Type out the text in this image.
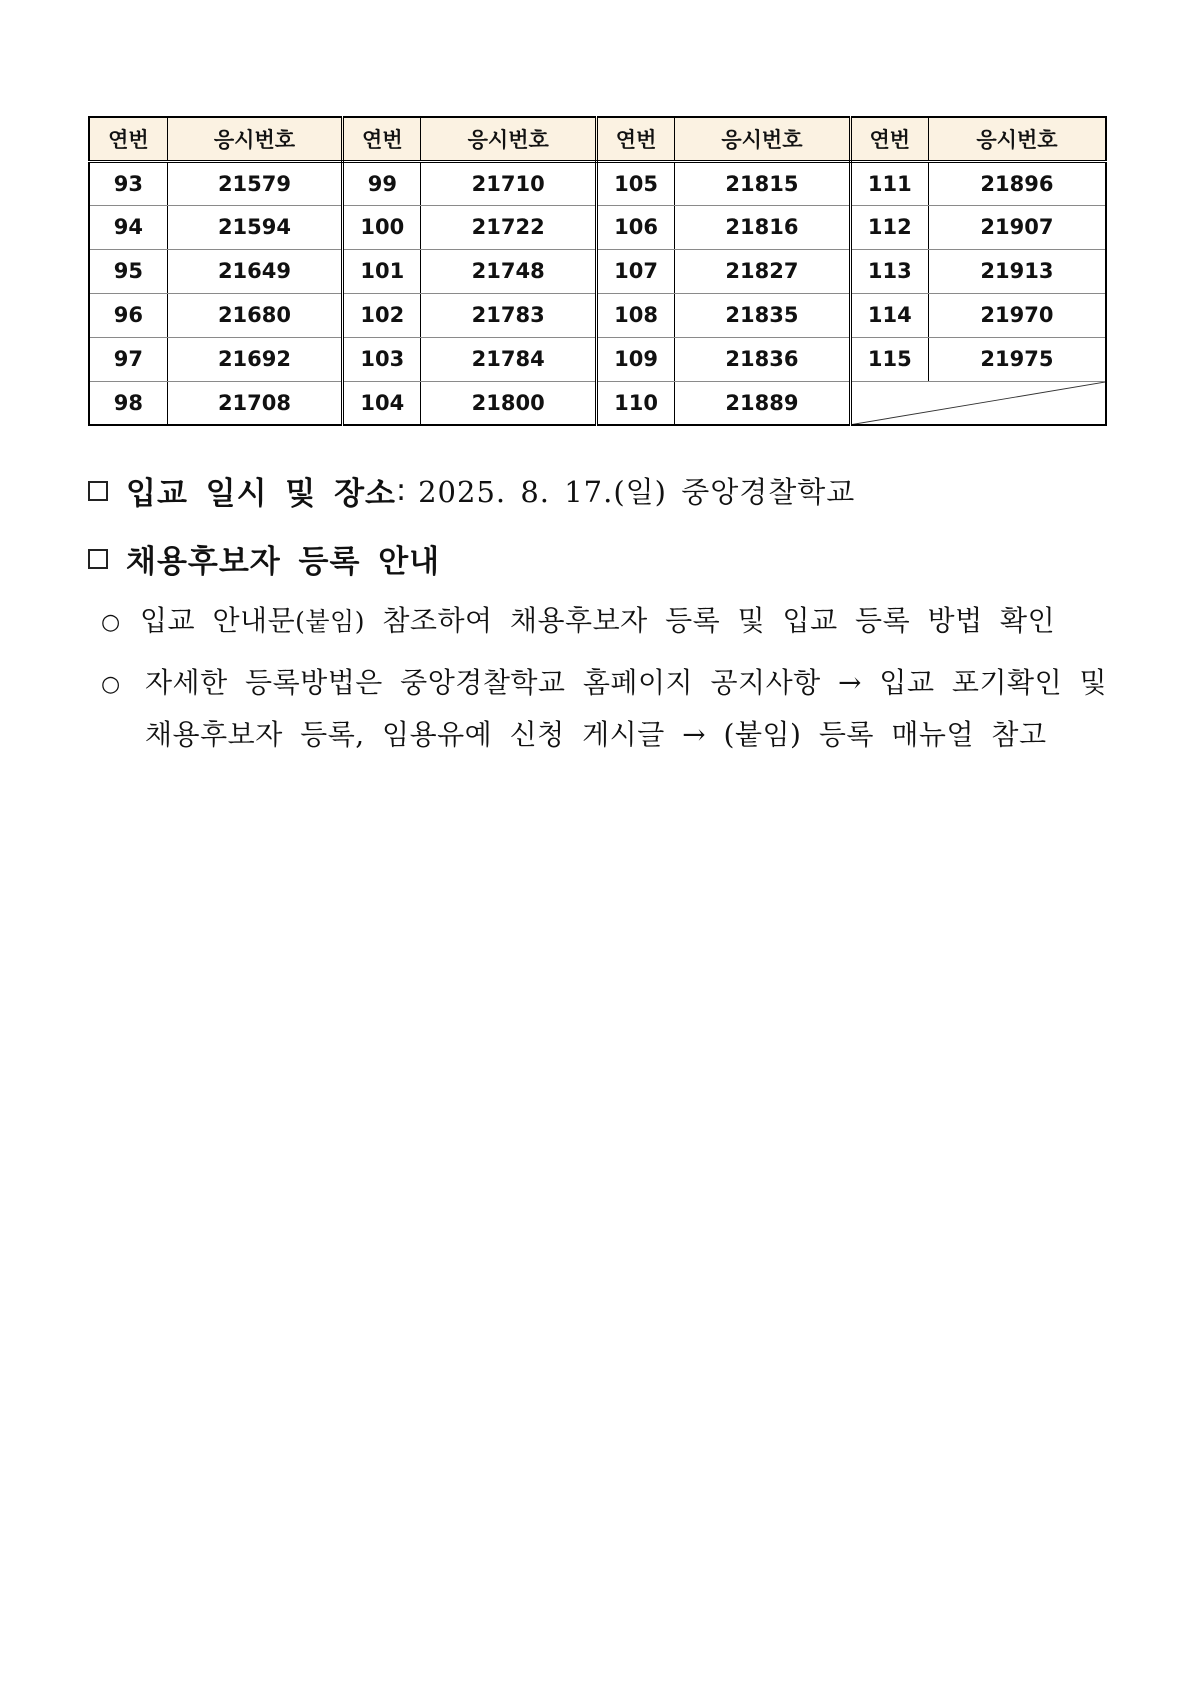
연번	응시번호	연번	응시번호	연번	응시번호	연번	응시번호
93	21579	99	21710	105	21815	111	21896
94	21594	100	21722	106	21816	112	21907
95	21649	101	21748	107	21827	113	21913
96	21680	102	21783	108	21835	114	21970
97	21692	103	21784	109	21836	115	21975
98	21708	104	21800	110	21889	
입교 일시 및 장소 : 2025. 8. 17.(일) 중앙경찰학교
채용후보자 등록 안내
○ 입교 안내문(붙임) 참조하여 채용후보자 등록 및 입교 등록 방법 확인
○ 자세한 등록방법은 중앙경찰학교 홈페이지 공지사항 → 입교 포기확인 및
채용후보자 등록, 임용유예 신청 게시글 → (붙임) 등록 매뉴얼 참고
